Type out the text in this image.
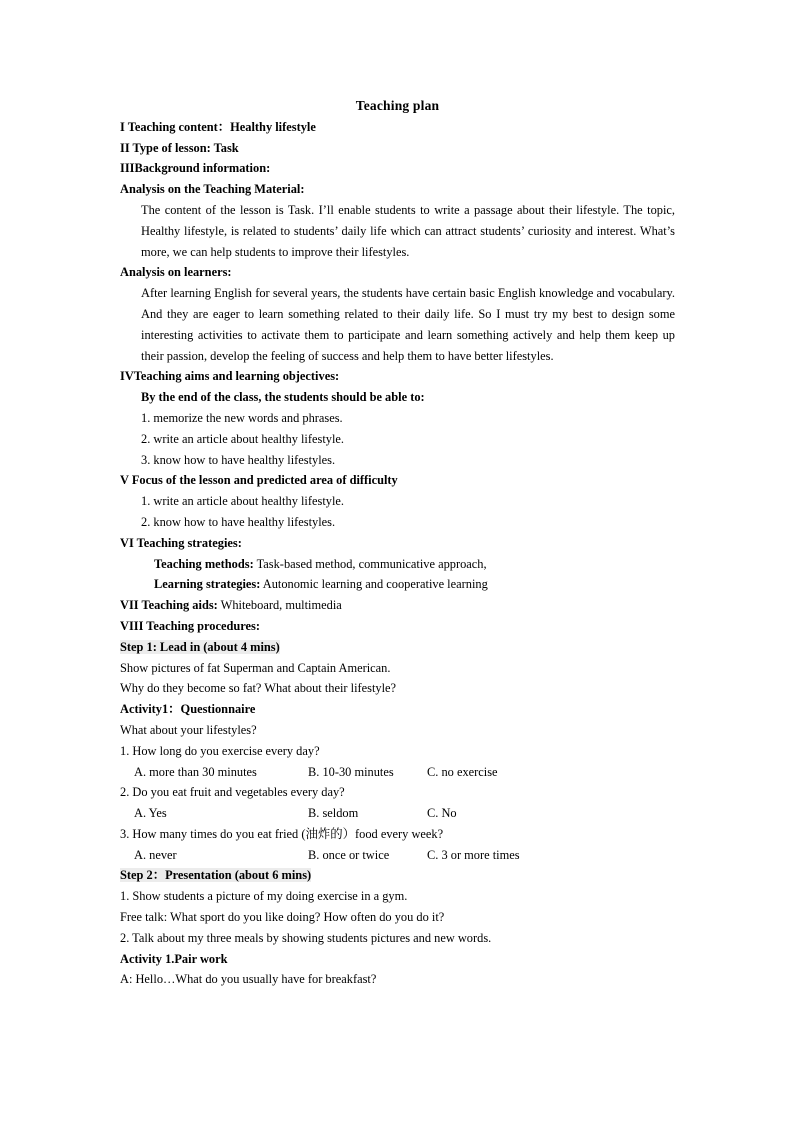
Teaching plan
I Teaching content：Healthy lifestyle
II Type of lesson: Task
IIIBackground information:
Analysis on the Teaching Material:
The content of the lesson is Task. I’ll enable students to write a passage about their lifestyle. The topic, Healthy lifestyle, is related to students’ daily life which can attract students’ curiosity and interest. What’s more, we can help students to improve their lifestyles.
Analysis on learners:
After learning English for several years, the students have certain basic English knowledge and vocabulary. And they are eager to learn something related to their daily life. So I must try my best to design some interesting activities to activate them to participate and learn something actively and help them keep up their passion, develop the feeling of success and help them to have better lifestyles.
IVTeaching aims and learning objectives:
By the end of the class, the students should be able to:
1. memorize the new words and phrases.
2. write an article about healthy lifestyle.
3. know how to have healthy lifestyles.
V Focus of the lesson and predicted area of difficulty
1. write an article about healthy lifestyle.
2. know how to have healthy lifestyles.
VI Teaching strategies:
Teaching methods: Task-based method, communicative approach,
Learning strategies: Autonomic learning and cooperative learning
VII Teaching aids: Whiteboard, multimedia
VIII Teaching procedures:
Step 1: Lead in (about 4 mins)
Show pictures of fat Superman and Captain American.
Why do they become so fat? What about their lifestyle?
Activity1：Questionnaire
What about your lifestyles?
1. How long do you exercise every day?
A. more than 30 minutes	B. 10-30 minutes	C. no exercise
2. Do you eat fruit and vegetables every day?
A. Yes	B. seldom	C. No
3. How many times do you eat fried (油炸的）food every week?
A. never	B. once or twice	C. 3 or more times
Step 2：Presentation (about 6 mins)
1. Show students a picture of my doing exercise in a gym.
Free talk: What sport do you like doing? How often do you do it?
2. Talk about my three meals by showing students pictures and new words.
Activity 1.Pair work
A: Hello…What do you usually have for breakfast?
